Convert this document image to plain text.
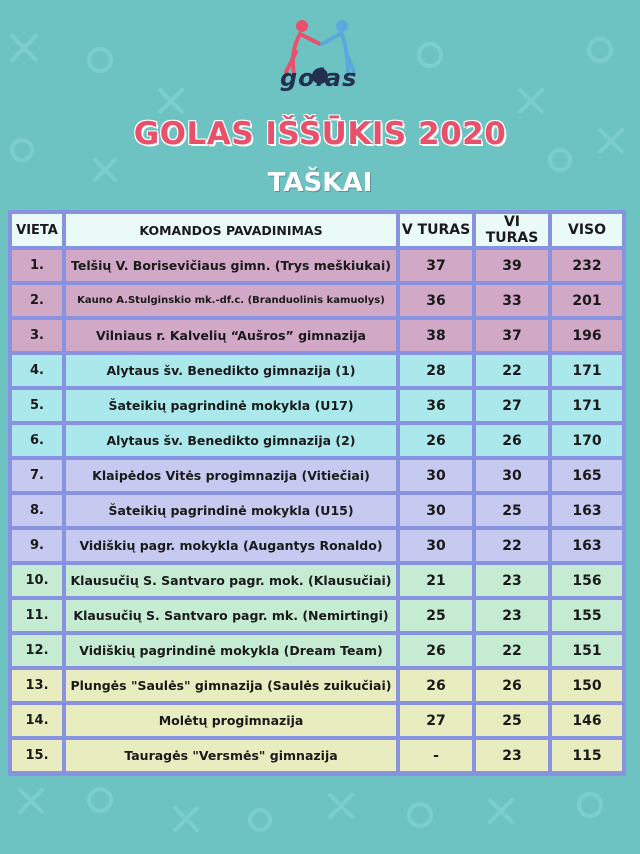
golas
GOLAS IŠŠŪKIS 2020
TAŠKAI
VIETA	KOMANDOS PAVADINIMAS	V TURAS	VI TURAS	VISO
1.	Telšių V. Borisevičiaus gimn. (Trys meškiukai)	37	39	232
2.	Kauno A.Stulginskio mk.-df.c. (Branduolinis kamuolys)	36	33	201
3.	Vilniaus r. Kalvelių “Aušros” gimnazija	38	37	196
4.	Alytaus šv. Benedikto gimnazija (1)	28	22	171
5.	Šateikių pagrindinė mokykla (U17)	36	27	171
6.	Alytaus šv. Benedikto gimnazija (2)	26	26	170
7.	Klaipėdos Vitės progimnazija (Vitiečiai)	30	30	165
8.	Šateikių pagrindinė mokykla (U15)	30	25	163
9.	Vidiškių pagr. mokykla (Augantys Ronaldo)	30	22	163
10.	Klausučių S. Santvaro pagr. mok. (Klausučiai)	21	23	156
11.	Klausučių S. Santvaro pagr. mk. (Nemirtingi)	25	23	155
12.	Vidiškių pagrindinė mokykla (Dream Team)	26	22	151
13.	Plungės "Saulės" gimnazija (Saulės zuikučiai)	26	26	150
14.	Molėtų progimnazija	27	25	146
15.	Tauragės "Versmės" gimnazija	-	23	115
